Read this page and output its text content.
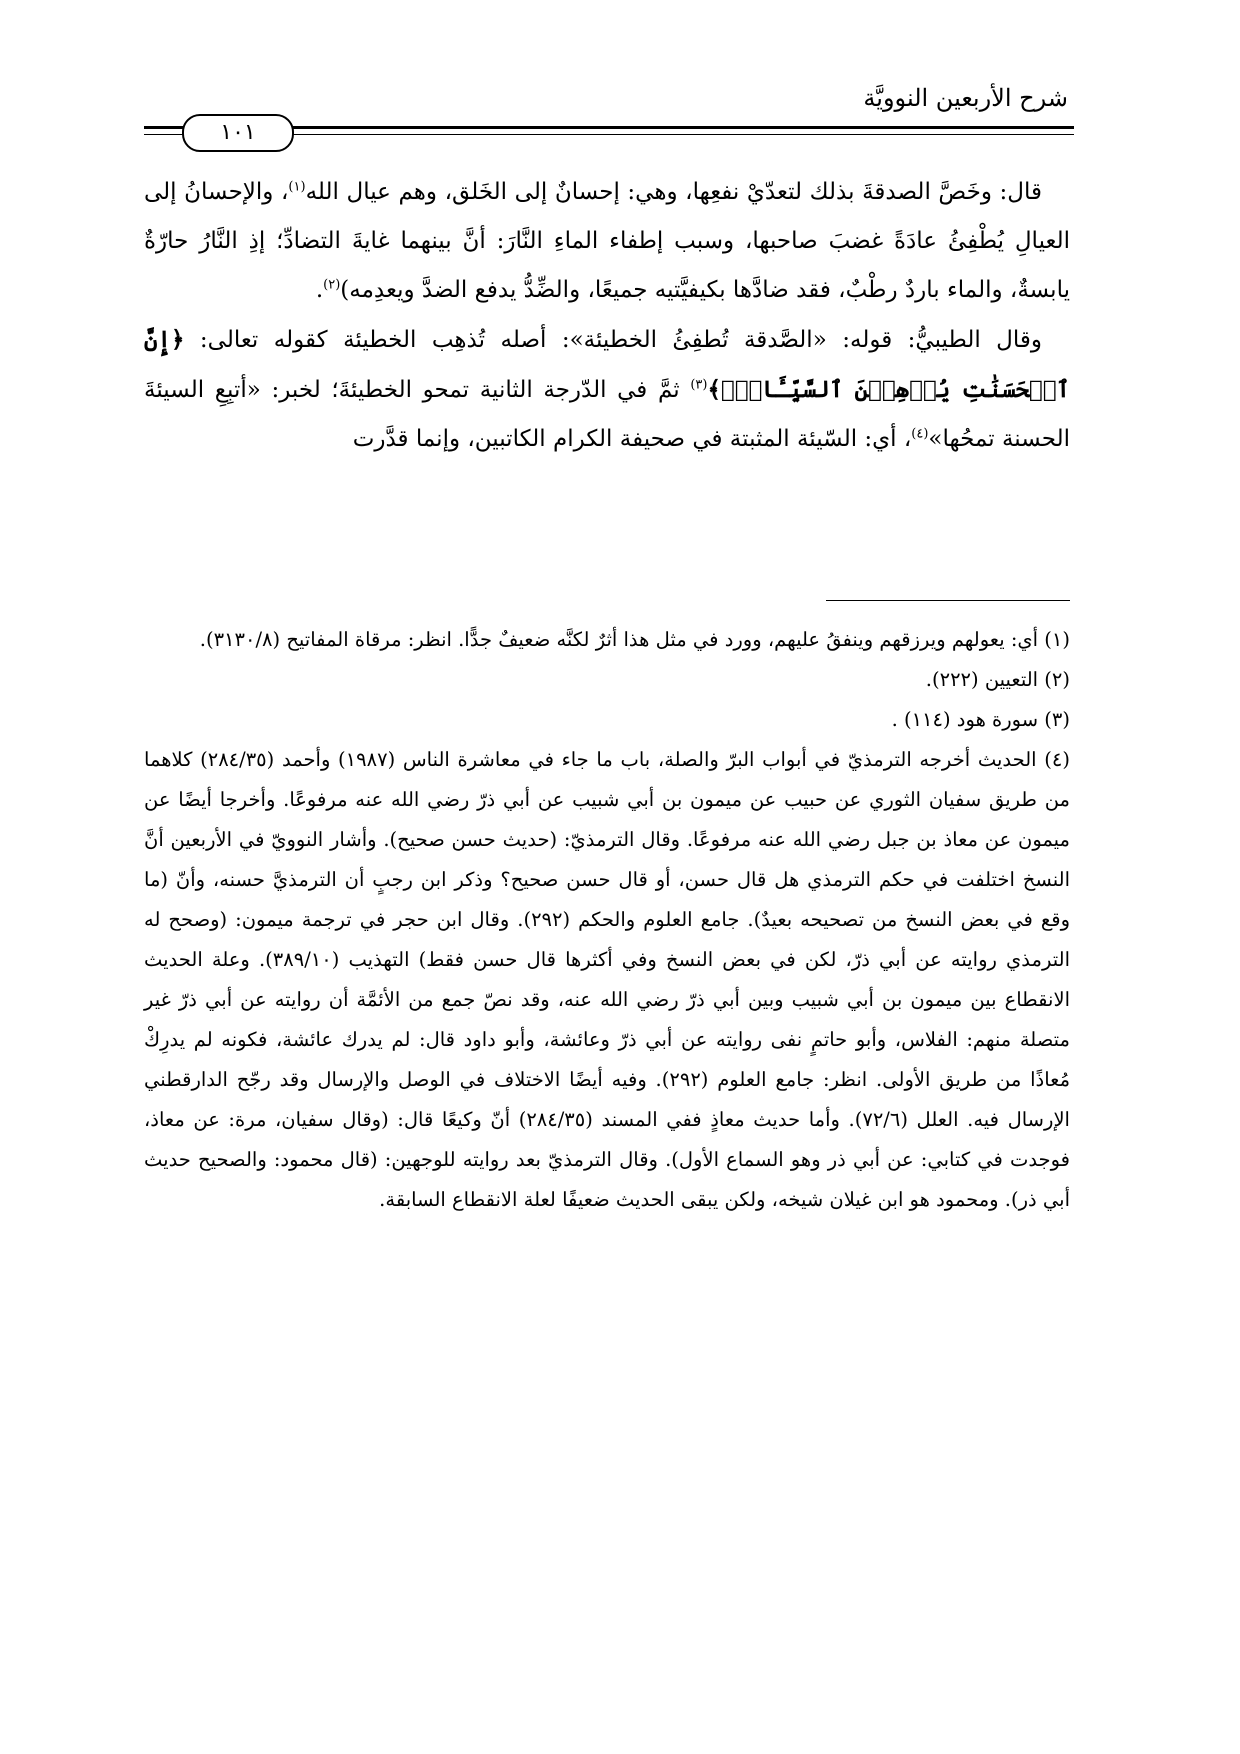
شرح الأربعين النوويَّة
١٠١

قال: وخَصَّ الصدقةَ بذلك لتعدّيْ نفعِها، وهي: إحسانٌ إلى الخَلق، وهم عيال الله$^{(١)}$، والإحسانُ إلى العيالِ يُطْفِئُ عادَةً غضبَ صاحبها، وسبب إطفاء الماءِ النَّارَ: أنَّ بينهما غايةَ التضادِّ؛ إذِ النَّارُ حارّةٌ يابسةٌ، والماء باردٌ رطْبٌ، فقد ضادَّها بكيفيَّتيه جميعًا، والضِّدُّ يدفع الضدَّ ويعدِمه)$^{(٢)}$.

وقال الطيبيُّ: قوله: «الصَّدقة تُطفِئُ الخطيئة»: أصله تُذهِب الخطيئة كقوله تعالى: ﴿إِنَّ ٱلۡحَسَنَٰتِ يُذۡهِبۡنَ ٱلسَّيِّـَٔاتِۚ﴾$^{(٣)}$ ثمَّ في الدّرجة الثانية تمحو الخطيئةَ؛ لخبر: «أتبِعِ السيئةَ الحسنة تمحُها»$^{(٤)}$، أي: السّيئة المثبتة في صحيفة الكرام الكاتبين، وإنما قدَّرت

(١) أي: يعولهم ويرزقهم وينفقُ عليهم، وورد في مثل هذا أثرٌ لكنَّه ضعيفٌ جدًّا. انظر: مرقاة المفاتيح (٣١٣٠/٨).

(٢) التعيين (٢٢٢).

(٣) سورة هود (١١٤) .

(٤) الحديث أخرجه الترمذيّ في أبواب البرّ والصلة، باب ما جاء في معاشرة الناس (١٩٨٧) وأحمد (٢٨٤/٣٥) كلاهما من طريق سفيان الثوري عن حبيب عن ميمون بن أبي شبيب عن أبي ذرّ رضي الله عنه مرفوعًا. وأخرجا أيضًا عن ميمون عن معاذ بن جبل رضي الله عنه مرفوعًا. وقال الترمذيّ: (حديث حسن صحيح). وأشار النوويّ في الأربعين أنَّ النسخ اختلفت في حكم الترمذي هل قال حسن، أو قال حسن صحيح؟ وذكر ابن رجبٍ أن الترمذيَّ حسنه، وأنّ (ما وقع في بعض النسخ من تصحيحه بعيدٌ). جامع العلوم والحكم (٢٩٢). وقال ابن حجر في ترجمة ميمون: (وصحح له الترمذي روايته عن أبي ذرّ، لكن في بعض النسخ وفي أكثرها قال حسن فقط) التهذيب (٣٨٩/١٠). وعلة الحديث الانقطاع بين ميمون بن أبي شبيب وبين أبي ذرّ رضي الله عنه، وقد نصّ جمع من الأئمَّة أن روايته عن أبي ذرّ غير متصلة منهم: الفلاس، وأبو حاتمٍ نفى روايته عن أبي ذرّ وعائشة، وأبو داود قال: لم يدرك عائشة، فكونه لم يدرِكْ مُعاذًا من طريق الأولى. انظر: جامع العلوم (٢٩٢). وفيه أيضًا الاختلاف في الوصل والإرسال وقد رجّح الدارقطني الإرسال فيه. العلل (٧٢/٦). وأما حديث معاذٍ ففي المسند (٢٨٤/٣٥) أنّ وكيعًا قال: (وقال سفيان، مرة: عن معاذ، فوجدت في كتابي: عن أبي ذر وهو السماع الأول). وقال الترمذيّ بعد روايته للوجهين: (قال محمود: والصحيح حديث أبي ذر). ومحمود هو ابن غيلان شيخه، ولكن يبقى الحديث ضعيفًا لعلة الانقطاع السابقة.
